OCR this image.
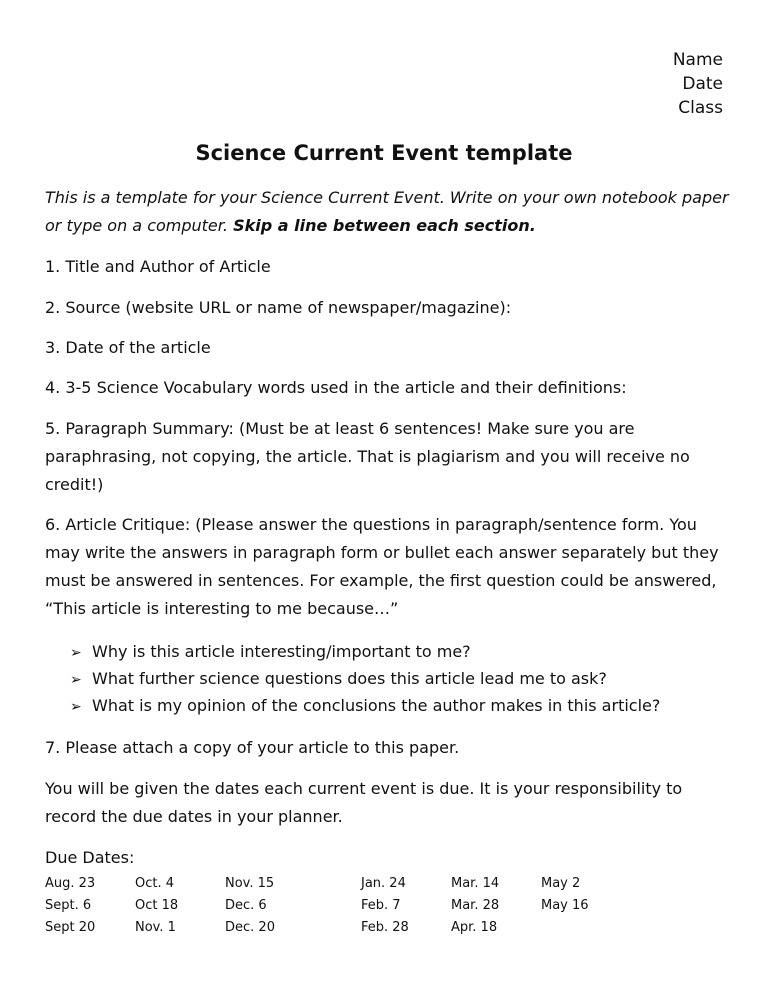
Name
Date
Class
Science Current Event template
This is a template for your Science Current Event. Write on your own notebook paper or type on a computer. Skip a line between each section.
1. Title and Author of Article
2. Source (website URL or name of newspaper/magazine):
3. Date of the article
4. 3-5 Science Vocabulary words used in the article and their definitions:
5. Paragraph Summary: (Must be at least 6 sentences! Make sure you are paraphrasing, not copying, the article. That is plagiarism and you will receive no credit!)
6. Article Critique: (Please answer the questions in paragraph/sentence form. You may write the answers in paragraph form or bullet each answer separately but they must be answered in sentences. For example, the first question could be answered, “This article is interesting to me because…”
➢ Why is this article interesting/important to me?
➢ What further science questions does this article lead me to ask?
➢ What is my opinion of the conclusions the author makes in this article?
7. Please attach a copy of your article to this paper.
You will be given the dates each current event is due. It is your responsibility to record the due dates in your planner.
Due Dates:
Aug. 23	Oct. 4	Nov. 15	Jan. 24	Mar. 14	May 2
Sept. 6	Oct 18	Dec. 6	Feb. 7	Mar. 28	May 16
Sept 20	Nov. 1	Dec. 20	Feb. 28	Apr. 18	
